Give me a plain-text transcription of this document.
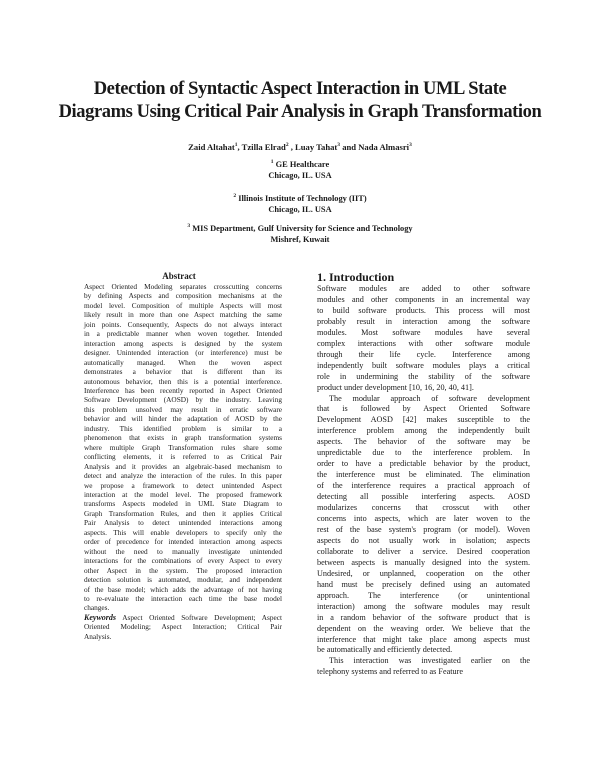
Detection of Syntactic Aspect Interaction in UML State
Diagrams Using Critical Pair Analysis in Graph Transformation
Zaid Altahat$^1$, Tzilla Elrad$^2$ , Luay Tahat$^3$ and Nada Almasri$^3$
$^1$ GE Healthcare
Chicago, IL. USA
$^2$ Illinois Institute of Technology (IIT)
Chicago, IL. USA
$^3$ MIS Department, Gulf University for Science and Technology
Mishref, Kuwait
Abstract

Aspect Oriented Modeling separates crosscutting concerns

by defining Aspects and composition mechanisms at the

model level. Composition of multiple Aspects will most

likely result in more than one Aspect matching the same

join points. Consequently, Aspects do not always interact

in a predictable manner when woven together. Intended

interaction among aspects is designed by the system

designer. Unintended interaction (or interference) must be

automatically managed. When the woven aspect

demonstrates a behavior that is different than its

autonomous behavior, then this is a potential interference.

Interference has been recently reported in Aspect Oriented

Software Development (AOSD) by the industry. Leaving

this problem unsolved may result in erratic software

behavior and will hinder the adaptation of AOSD by the

industry. This identified problem is similar to a

phenomenon that exists in graph transformation systems

where multiple Graph Transformation rules share some

conflicting elements, it is referred to as Critical Pair

Analysis and it provides an algebraic-based mechanism to

detect and analyze the interaction of the rules. In this paper

we propose a framework to detect unintended Aspect

interaction at the model level. The proposed framework

transforms Aspects modeled in UML State Diagram to

Graph Transformation Rules, and then it applies Critical

Pair Analysis to detect unintended interactions among

aspects. This will enable developers to specify only the

order of precedence for intended interaction among aspects

without the need to manually investigate unintended

interactions for the combinations of every Aspect to every

other Aspect in the system. The proposed interaction

detection solution is automated, modular, and independent

of the base model; which adds the advantage of not having

to re-evaluate the interaction each time the base model

changes.

Keywords Aspect Oriented Software Development; Aspect

Oriented Modeling; Aspect Interaction; Critical Pair

Analysis.

1. Introduction

Software modules are added to other software

modules and other components in an incremental way

to build software products. This process will most

probably result in interaction among the software

modules. Most software modules have several

complex interactions with other software module

through their life cycle. Interference among

independently built software modules plays a critical

role in undermining the stability of the software

product under development [10, 16, 20, 40, 41].

The modular approach of software development

that is followed by Aspect Oriented Software

Development AOSD [42] makes susceptible to the

interference problem among the independently built

aspects. The behavior of the software may be

unpredictable due to the interference problem. In

order to have a predictable behavior by the product,

the interference must be eliminated. The elimination

of the interference requires a practical approach of

detecting all possible interfering aspects. AOSD

modularizes concerns that crosscut with other

concerns into aspects, which are later woven to the

rest of the base system's program (or model). Woven

aspects do not usually work in isolation; aspects

collaborate to deliver a service. Desired cooperation

between aspects is manually designed into the system.

Undesired, or unplanned, cooperation on the other

hand must be precisely defined using an automated

approach. The interference (or unintentional

interaction) among the software modules may result

in a random behavior of the software product that is

dependent on the weaving order. We believe that the

interference that might take place among aspects must

be automatically and efficiently detected.

This interaction was investigated earlier on the

telephony systems and referred to as Feature
